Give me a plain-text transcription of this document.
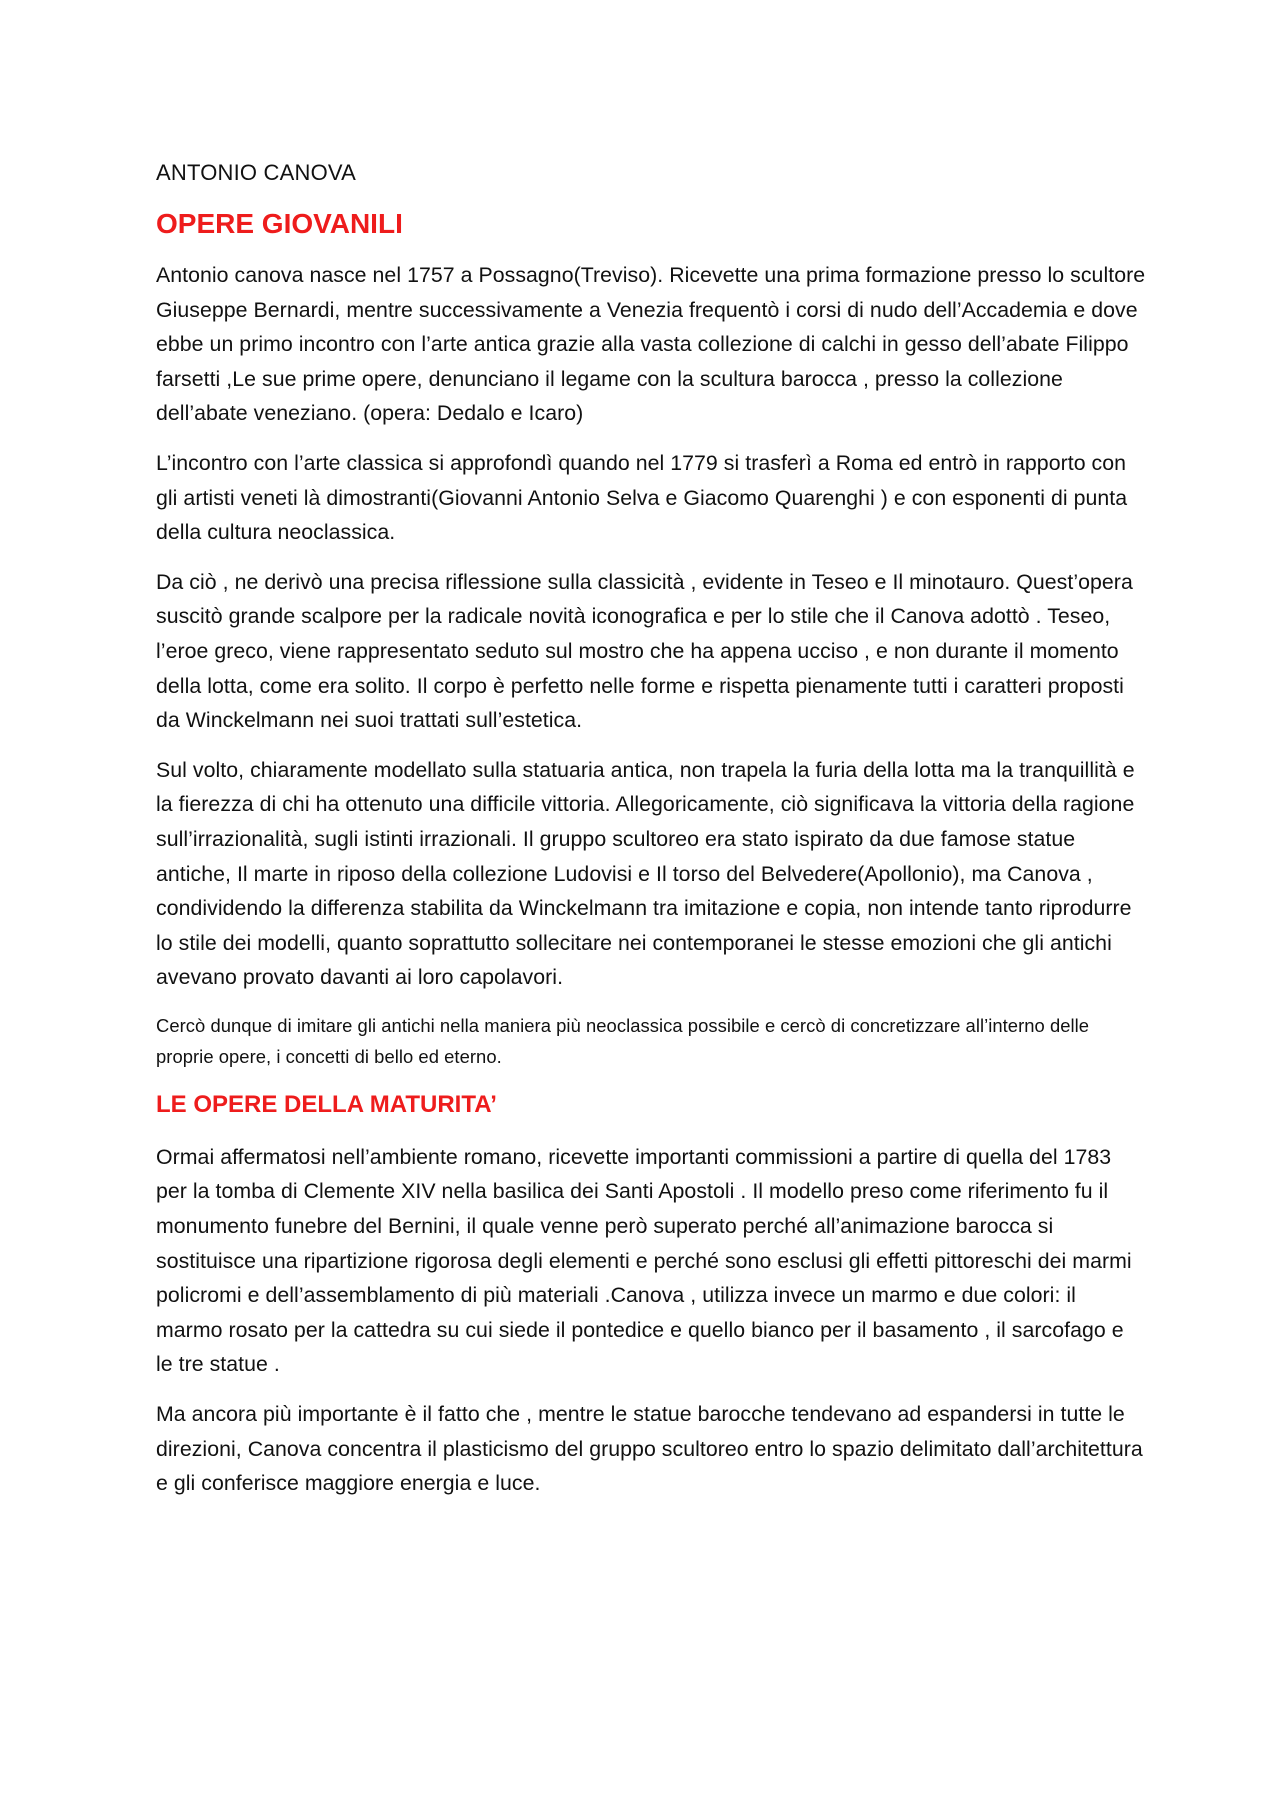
ANTONIO CANOVA
OPERE GIOVANILI

Antonio canova nasce nel 1757 a Possagno(Treviso). Ricevette una prima formazione presso lo scultore Giuseppe Bernardi, mentre successivamente a Venezia frequentò i corsi di nudo dell’Accademia e dove ebbe un primo incontro con l’arte antica grazie alla vasta collezione di calchi in gesso dell’abate Filippo farsetti ,Le sue prime opere, denunciano il legame con la scultura barocca , presso la collezione dell’abate veneziano. (opera: Dedalo e Icaro)

L’incontro con l’arte classica si approfondì quando nel 1779 si trasferì a Roma ed entrò in rapporto con gli artisti veneti là dimostranti(Giovanni Antonio Selva e Giacomo Quarenghi ) e con esponenti di punta della cultura neoclassica.

Da ciò , ne derivò una precisa riflessione sulla classicità , evidente in Teseo e Il minotauro. Quest’opera suscitò grande scalpore per la radicale novità iconografica e per lo stile che il Canova adottò . Teseo, l’eroe greco, viene rappresentato seduto sul mostro che ha appena ucciso , e non durante il momento della lotta, come era solito. Il corpo è perfetto nelle forme e rispetta pienamente tutti i caratteri proposti da Winckelmann nei suoi trattati sull’estetica.

Sul volto, chiaramente modellato sulla statuaria antica, non trapela la furia della lotta ma la tranquillità e la fierezza di chi ha ottenuto una difficile vittoria. Allegoricamente, ciò significava la vittoria della ragione sull’irrazionalità, sugli istinti irrazionali. Il gruppo scultoreo era stato ispirato da due famose statue antiche, Il marte in riposo della collezione Ludovisi e Il torso del Belvedere(Apollonio), ma Canova , condividendo la differenza stabilita da Winckelmann tra imitazione e copia, non intende tanto riprodurre lo stile dei modelli, quanto soprattutto sollecitare nei contemporanei le stesse emozioni che gli antichi avevano provato davanti ai loro capolavori.

Cercò dunque di imitare gli antichi nella maniera più neoclassica possibile e cercò di concretizzare all’interno delle proprie opere, i concetti di bello ed eterno.

LE OPERE DELLA MATURITA’

Ormai affermatosi nell’ambiente romano, ricevette importanti commissioni a partire di quella del 1783 per la tomba di Clemente XIV nella basilica dei Santi Apostoli . Il modello preso come riferimento fu il monumento funebre del Bernini, il quale venne però superato perché all’animazione barocca si sostituisce una ripartizione rigorosa degli elementi e perché sono esclusi gli effetti pittoreschi dei marmi policromi e dell’assemblamento di più materiali .Canova , utilizza invece un marmo e due colori: il marmo rosato per la cattedra su cui siede il pontedice e quello bianco per il basamento , il sarcofago e le tre statue .

Ma ancora più importante è il fatto che , mentre le statue barocche tendevano ad espandersi in tutte le direzioni, Canova concentra il plasticismo del gruppo scultoreo entro lo spazio delimitato dall’architettura e gli conferisce maggiore energia e luce.
